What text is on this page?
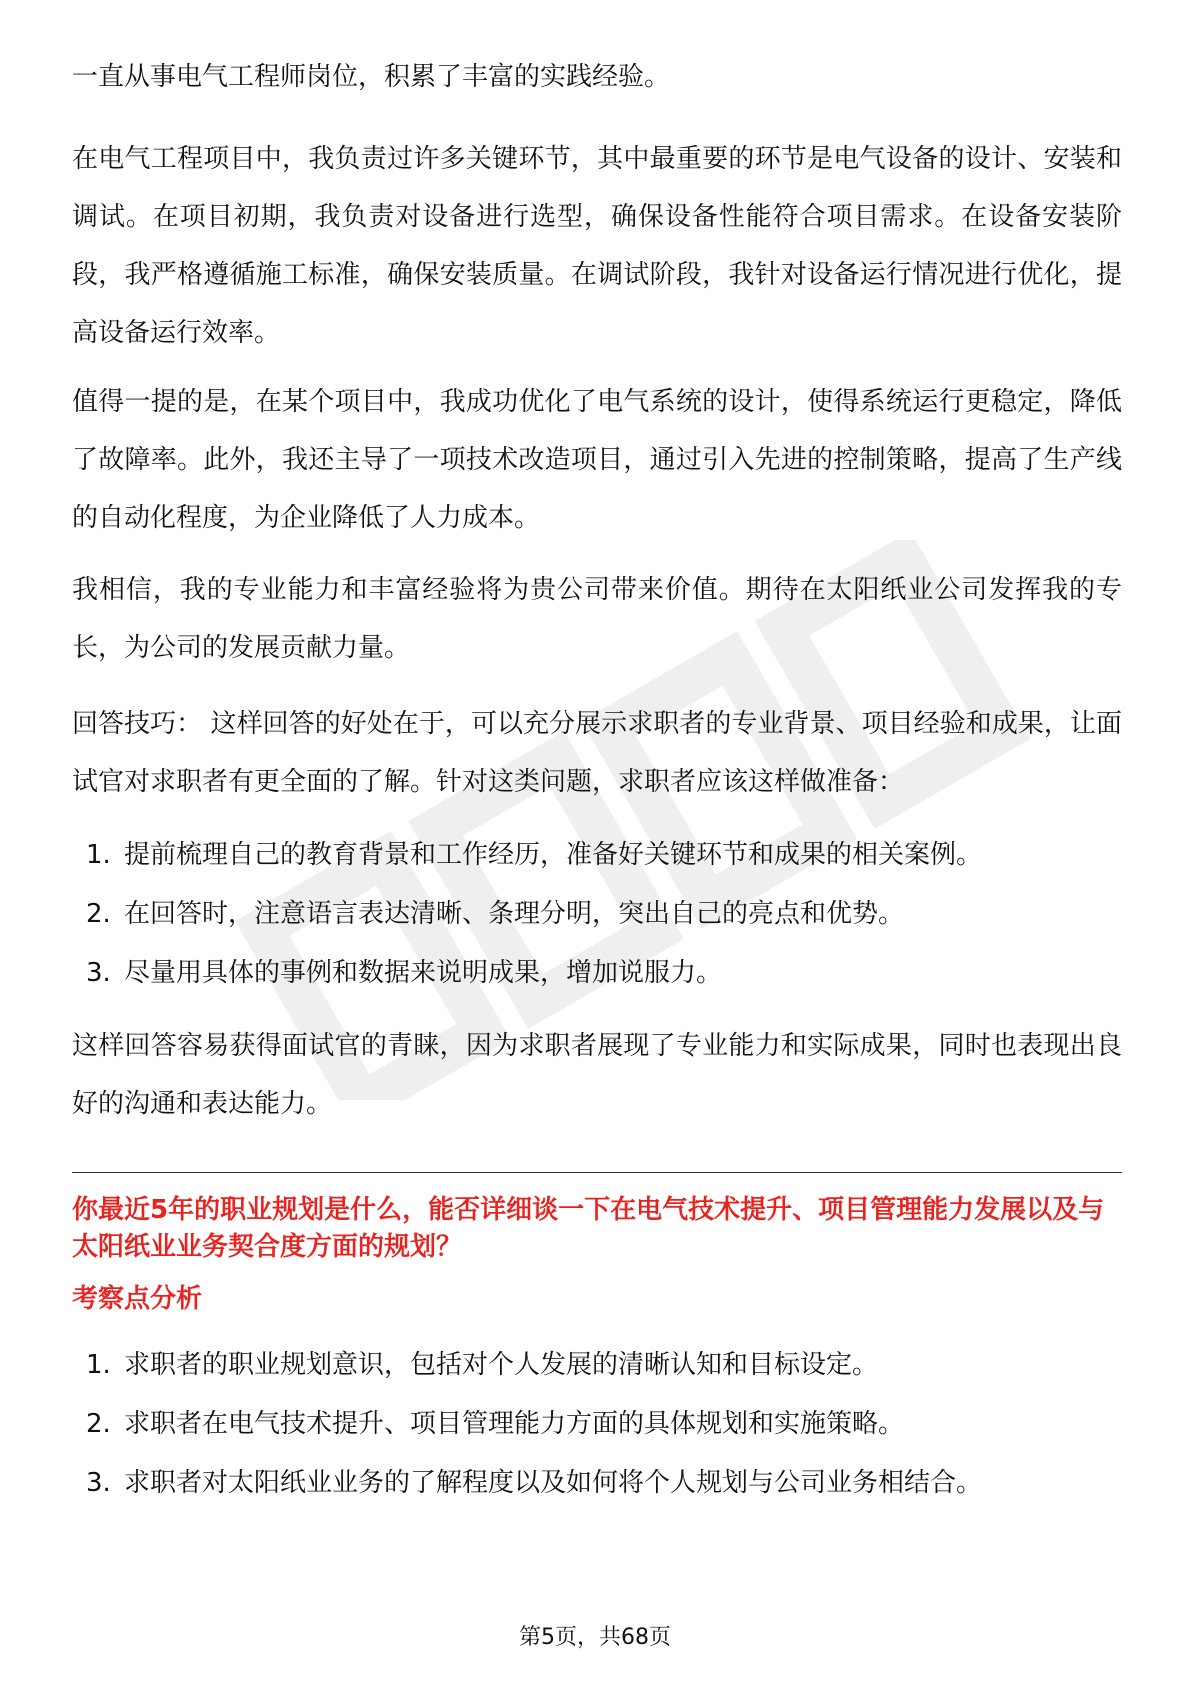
一直从事电气工程师岗位，积累了丰富的实践经验。

在电气工程项目中，我负责过许多关键环节，其中最重要的环节是电气设备的设计、安装和调试。在项目初期，我负责对设备进行选型，确保设备性能符合项目需求。在设备安装阶段，我严格遵循施工标准，确保安装质量。在调试阶段，我针对设备运行情况进行优化，提高设备运行效率。

值得一提的是，在某个项目中，我成功优化了电气系统的设计，使得系统运行更稳定，降低了故障率。此外，我还主导了一项技术改造项目，通过引入先进的控制策略，提高了生产线的自动化程度，为企业降低了人力成本。

我相信，我的专业能力和丰富经验将为贵公司带来价值。期待在太阳纸业公司发挥我的专长，为公司的发展贡献力量。

回答技巧： 这样回答的好处在于，可以充分展示求职者的专业背景、项目经验和成果，让面试官对求职者有更全面的了解。针对这类问题，求职者应该这样做准备：

1. 提前梳理自己的教育背景和工作经历，准备好关键环节和成果的相关案例。
2. 在回答时，注意语言表达清晰、条理分明，突出自己的亮点和优势。
3. 尽量用具体的事例和数据来说明成果，增加说服力。

这样回答容易获得面试官的青睐，因为求职者展现了专业能力和实际成果，同时也表现出良好的沟通和表达能力。

你最近5年的职业规划是什么，能否详细谈一下在电气技术提升、项目管理能力发展以及与太阳纸业业务契合度方面的规划？

考察点分析

1. 求职者的职业规划意识，包括对个人发展的清晰认知和目标设定。
2. 求职者在电气技术提升、项目管理能力方面的具体规划和实施策略。
3. 求职者对太阳纸业业务的了解程度以及如何将个人规划与公司业务相结合。
第5页，共68页
